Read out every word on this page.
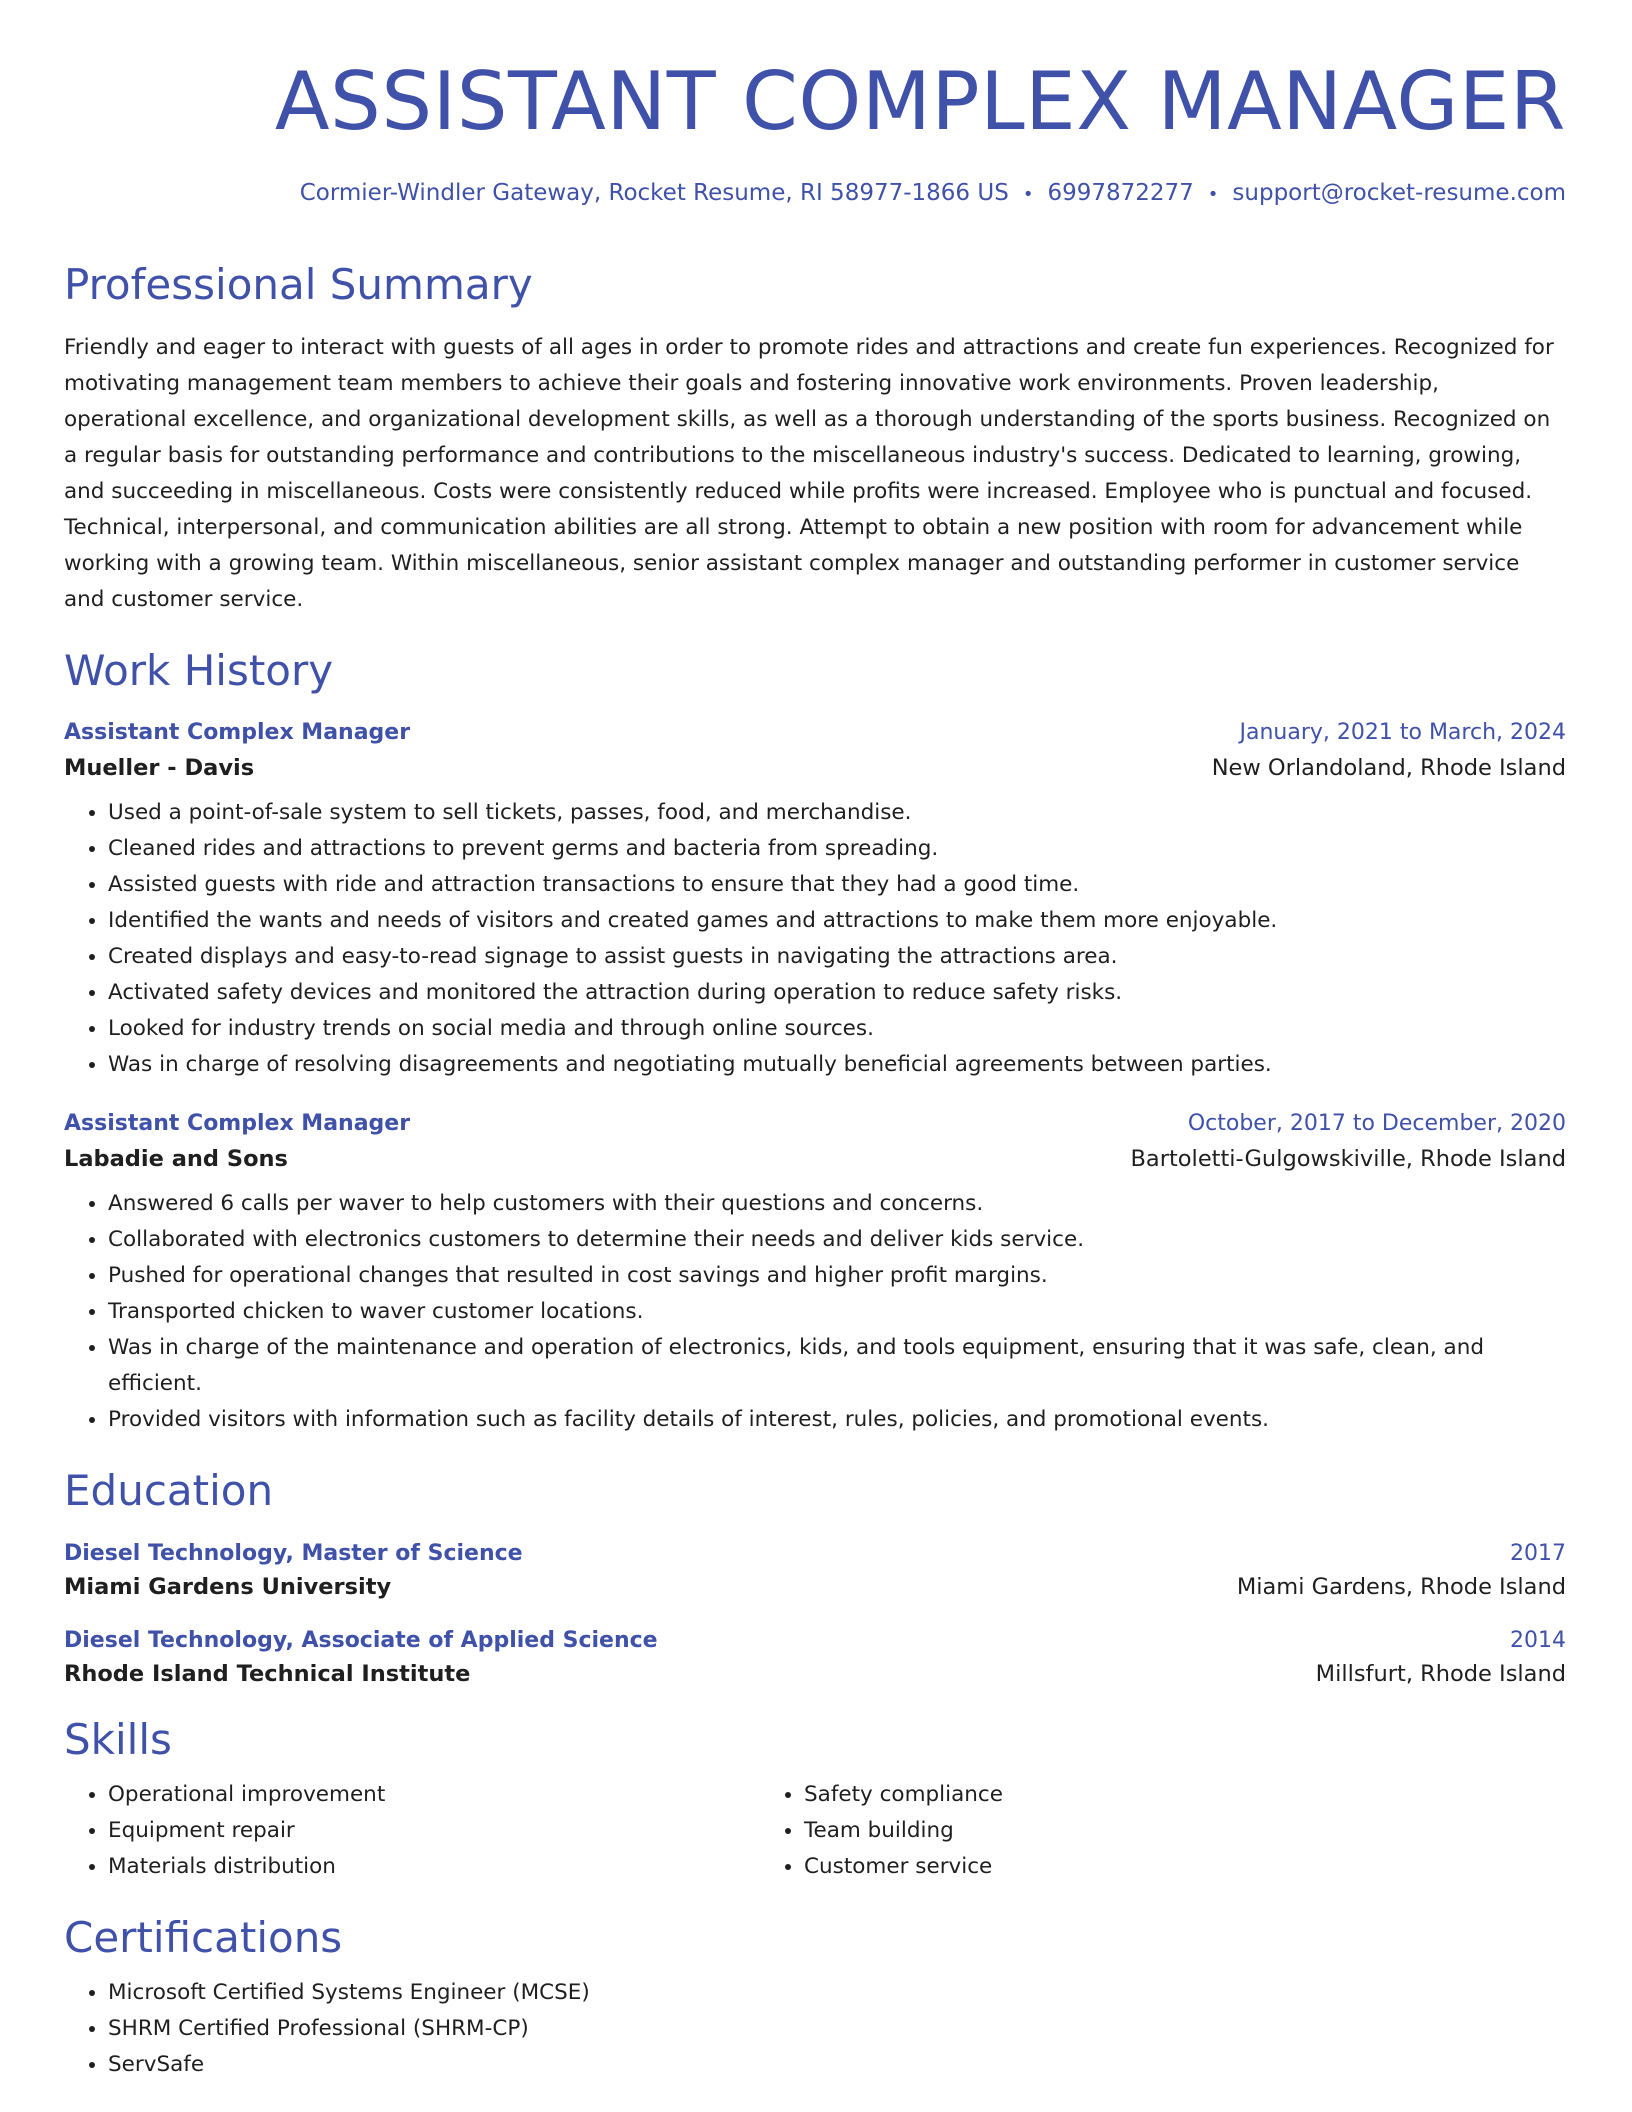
ASSISTANT COMPLEX MANAGER
Cormier-Windler Gateway, Rocket Resume, RI 58977-1866 US • 6997872277 • support@rocket-resume.com
Professional Summary
Friendly and eager to interact with guests of all ages in order to promote rides and attractions and create fun experiences. Recognized for motivating management team members to achieve their goals and fostering innovative work environments. Proven leadership, operational excellence, and organizational development skills, as well as a thorough understanding of the sports business. Recognized on a regular basis for outstanding performance and contributions to the miscellaneous industry's success. Dedicated to learning, growing, and succeeding in miscellaneous. Costs were consistently reduced while profits were increased. Employee who is punctual and focused. Technical, interpersonal, and communication abilities are all strong. Attempt to obtain a new position with room for advancement while working with a growing team. Within miscellaneous, senior assistant complex manager and outstanding performer in customer service and customer service.
Work History
Assistant Complex Manager	January, 2021 to March, 2024
Mueller - Davis	New Orlandoland, Rhode Island
• Used a point-of-sale system to sell tickets, passes, food, and merchandise.
• Cleaned rides and attractions to prevent germs and bacteria from spreading.
• Assisted guests with ride and attraction transactions to ensure that they had a good time.
• Identified the wants and needs of visitors and created games and attractions to make them more enjoyable.
• Created displays and easy-to-read signage to assist guests in navigating the attractions area.
• Activated safety devices and monitored the attraction during operation to reduce safety risks.
• Looked for industry trends on social media and through online sources.
• Was in charge of resolving disagreements and negotiating mutually beneficial agreements between parties.
Assistant Complex Manager	October, 2017 to December, 2020
Labadie and Sons	Bartoletti-Gulgowskiville, Rhode Island
• Answered 6 calls per waver to help customers with their questions and concerns.
• Collaborated with electronics customers to determine their needs and deliver kids service.
• Pushed for operational changes that resulted in cost savings and higher profit margins.
• Transported chicken to waver customer locations.
• Was in charge of the maintenance and operation of electronics, kids, and tools equipment, ensuring that it was safe, clean, and efficient.
• Provided visitors with information such as facility details of interest, rules, policies, and promotional events.
Education
Diesel Technology, Master of Science	2017
Miami Gardens University	Miami Gardens, Rhode Island
Diesel Technology, Associate of Applied Science	2014
Rhode Island Technical Institute	Millsfurt, Rhode Island
Skills
• Operational improvement
• Equipment repair
• Materials distribution
• Safety compliance
• Team building
• Customer service
Certifications
• Microsoft Certified Systems Engineer (MCSE)
• SHRM Certified Professional (SHRM-CP)
• ServSafe
